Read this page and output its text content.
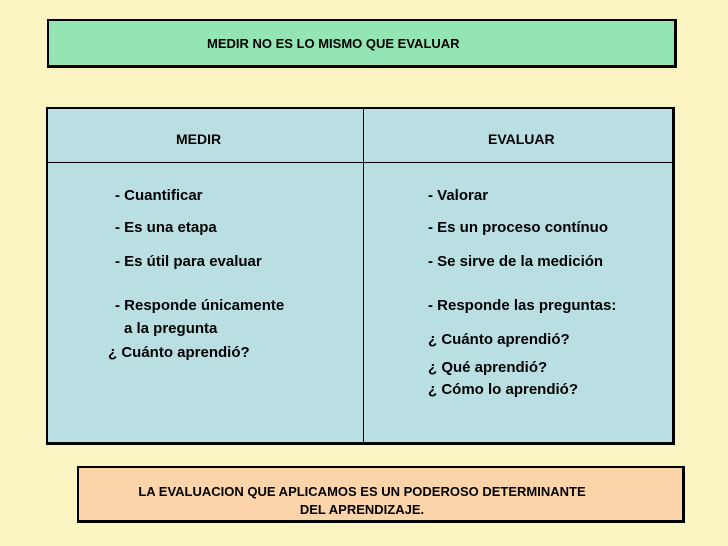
MEDIR NO ES LO MISMO QUE EVALUAR
MEDIR	EVALUAR
- Cuantificar
- Es una etapa
- Es útil para evaluar
- Responde únicamente
a la pregunta
¿ Cuánto aprendió?
- Valorar
- Es un proceso contínuo
- Se sirve de la medición
- Responde las preguntas:
¿ Cuánto aprendió?
¿ Qué aprendió?
¿ Cómo lo aprendió?
LA EVALUACION QUE APLICAMOS ES UN PODEROSO DETERMINANTE
DEL APRENDIZAJE.
